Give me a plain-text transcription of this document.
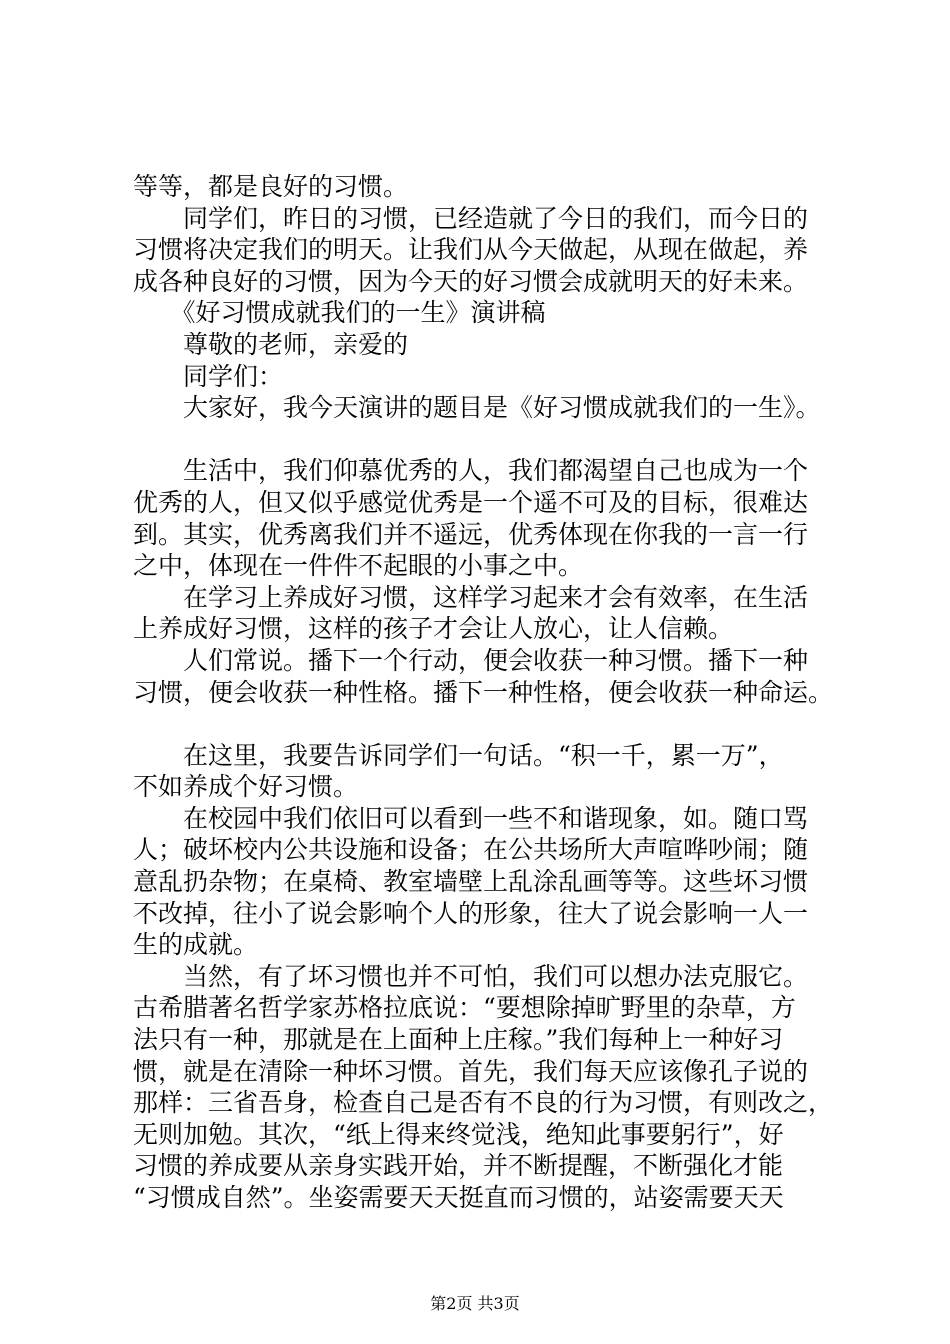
等等，都是良好的习惯。
　　同学们，昨日的习惯，已经造就了今日的我们，而今日的
习惯将决定我们的明天。让我们从今天做起，从现在做起，养
成各种良好的习惯，因为今天的好习惯会成就明天的好未来。
　　《好习惯成就我们的一生》演讲稿
　　尊敬的老师，亲爱的
　　同学们：
　　大家好，我今天演讲的题目是《好习惯成就我们的一生》。
　　生活中，我们仰慕优秀的人，我们都渴望自己也成为一个
优秀的人，但又似乎感觉优秀是一个遥不可及的目标，很难达
到。其实，优秀离我们并不遥远，优秀体现在你我的一言一行
之中，体现在一件件不起眼的小事之中。
　　在学习上养成好习惯，这样学习起来才会有效率，在生活
上养成好习惯，这样的孩子才会让人放心，让人信赖。
　　人们常说。播下一个行动，便会收获一种习惯。播下一种
习惯，便会收获一种性格。播下一种性格，便会收获一种命运。
　　在这里，我要告诉同学们一句话。“积一千，累一万”，
不如养成个好习惯。
　　在校园中我们依旧可以看到一些不和谐现象，如。随口骂
人；破坏校内公共设施和设备；在公共场所大声喧哗吵闹；随
意乱扔杂物；在桌椅、教室墙壁上乱涂乱画等等。这些坏习惯
不改掉，往小了说会影响个人的形象，往大了说会影响一人一
生的成就。
　　当然，有了坏习惯也并不可怕，我们可以想办法克服它。
古希腊著名哲学家苏格拉底说：“要想除掉旷野里的杂草，方
法只有一种，那就是在上面种上庄稼。”我们每种上一种好习
惯，就是在清除一种坏习惯。首先，我们每天应该像孔子说的
那样：三省吾身，检查自己是否有不良的行为习惯，有则改之，
无则加勉。其次，“纸上得来终觉浅，绝知此事要躬行”，好
习惯的养成要从亲身实践开始，并不断提醒，不断强化才能
“习惯成自然”。坐姿需要天天挺直而习惯的，站姿需要天天
第2页 共3页
